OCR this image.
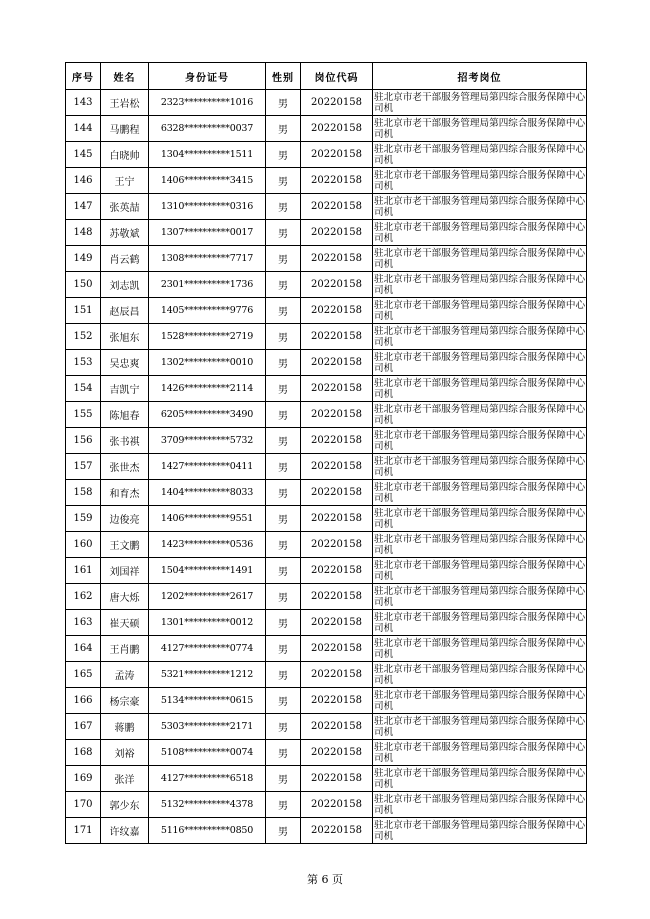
序号	姓名	身份证号	性别	岗位代码	招考岗位
143	王岩松	2323**********1016	男	20220158	驻北京市老干部服务管理局第四综合服务保障中心司机
144	马鹏程	6328**********0037	男	20220158	驻北京市老干部服务管理局第四综合服务保障中心司机
145	白晓帅	1304**********1511	男	20220158	驻北京市老干部服务管理局第四综合服务保障中心司机
146	王宁	1406**********3415	男	20220158	驻北京市老干部服务管理局第四综合服务保障中心司机
147	张英喆	1310**********0316	男	20220158	驻北京市老干部服务管理局第四综合服务保障中心司机
148	苏敬斌	1307**********0017	男	20220158	驻北京市老干部服务管理局第四综合服务保障中心司机
149	肖云鹤	1308**********7717	男	20220158	驻北京市老干部服务管理局第四综合服务保障中心司机
150	刘志凯	2301**********1736	男	20220158	驻北京市老干部服务管理局第四综合服务保障中心司机
151	赵辰昌	1405**********9776	男	20220158	驻北京市老干部服务管理局第四综合服务保障中心司机
152	张旭东	1528**********2719	男	20220158	驻北京市老干部服务管理局第四综合服务保障中心司机
153	吴忠爽	1302**********0010	男	20220158	驻北京市老干部服务管理局第四综合服务保障中心司机
154	吉凯宁	1426**********2114	男	20220158	驻北京市老干部服务管理局第四综合服务保障中心司机
155	陈旭春	6205**********3490	男	20220158	驻北京市老干部服务管理局第四综合服务保障中心司机
156	张书祺	3709**********5732	男	20220158	驻北京市老干部服务管理局第四综合服务保障中心司机
157	张世杰	1427**********0411	男	20220158	驻北京市老干部服务管理局第四综合服务保障中心司机
158	和育杰	1404**********8033	男	20220158	驻北京市老干部服务管理局第四综合服务保障中心司机
159	边俊亮	1406**********9551	男	20220158	驻北京市老干部服务管理局第四综合服务保障中心司机
160	王文鹏	1423**********0536	男	20220158	驻北京市老干部服务管理局第四综合服务保障中心司机
161	刘国祥	1504**********1491	男	20220158	驻北京市老干部服务管理局第四综合服务保障中心司机
162	唐大烁	1202**********2617	男	20220158	驻北京市老干部服务管理局第四综合服务保障中心司机
163	崔天硕	1301**********0012	男	20220158	驻北京市老干部服务管理局第四综合服务保障中心司机
164	王肖鹏	4127**********0774	男	20220158	驻北京市老干部服务管理局第四综合服务保障中心司机
165	孟涛	5321**********1212	男	20220158	驻北京市老干部服务管理局第四综合服务保障中心司机
166	杨宗豪	5134**********0615	男	20220158	驻北京市老干部服务管理局第四综合服务保障中心司机
167	蒋鹏	5303**********2171	男	20220158	驻北京市老干部服务管理局第四综合服务保障中心司机
168	刘裕	5108**********0074	男	20220158	驻北京市老干部服务管理局第四综合服务保障中心司机
169	张洋	4127**********6518	男	20220158	驻北京市老干部服务管理局第四综合服务保障中心司机
170	郭少东	5132**********4378	男	20220158	驻北京市老干部服务管理局第四综合服务保障中心司机
171	许纹嘉	5116**********0850	男	20220158	驻北京市老干部服务管理局第四综合服务保障中心司机
第 6 页
